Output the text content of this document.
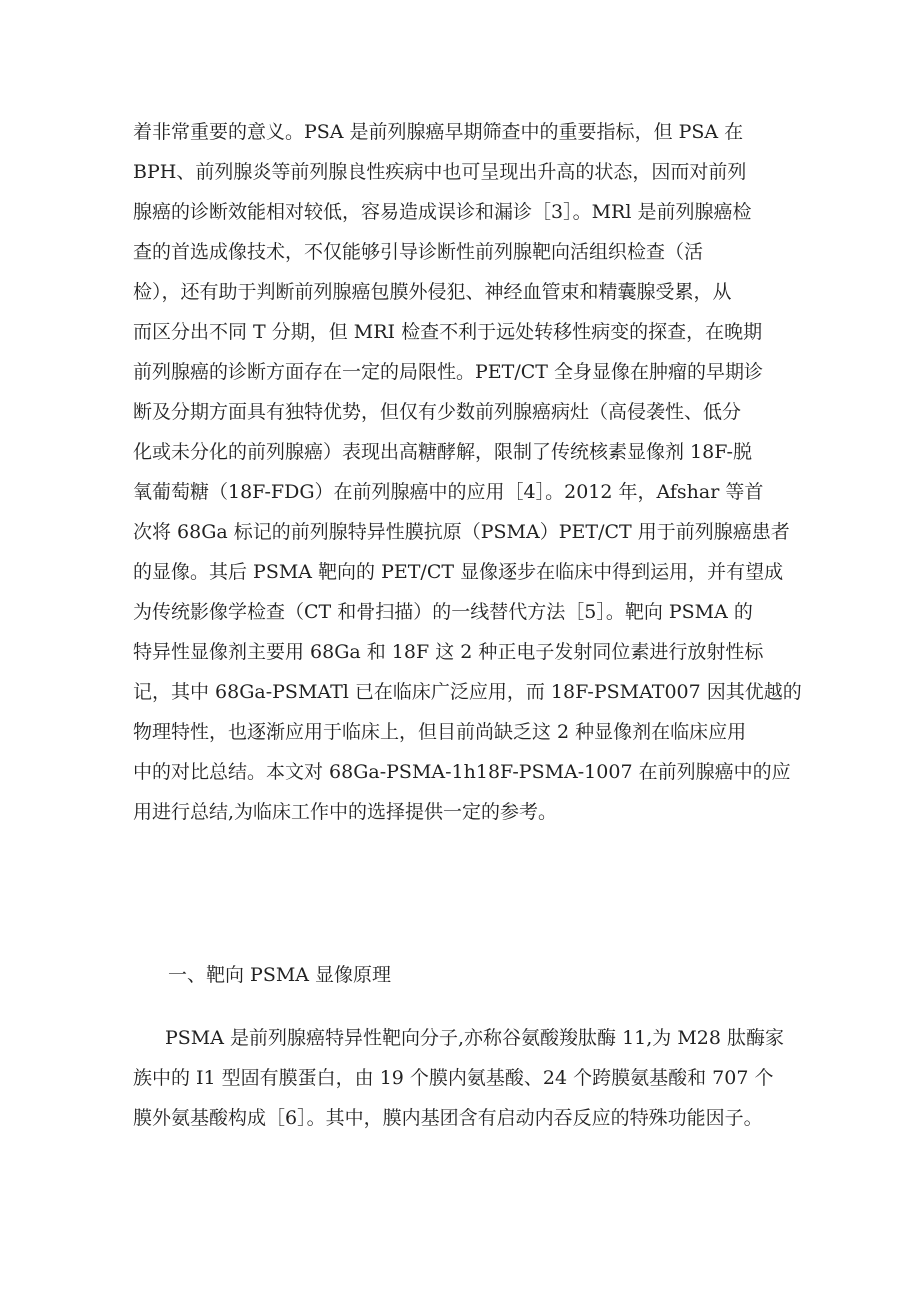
着非常重要的意义。PSA 是前列腺癌早期筛查中的重要指标，但 PSA 在
BPH、前列腺炎等前列腺良性疾病中也可呈现出升高的状态，因而对前列
腺癌的诊断效能相对较低，容易造成误诊和漏诊［3］。MRl 是前列腺癌检
查的首选成像技术，不仅能够引导诊断性前列腺靶向活组织检查（活
检），还有助于判断前列腺癌包膜外侵犯、神经血管束和精囊腺受累，从
而区分出不同 T 分期，但 MRI 检查不利于远处转移性病变的探查，在晚期
前列腺癌的诊断方面存在一定的局限性。PET/CT 全身显像在肿瘤的早期诊
断及分期方面具有独特优势，但仅有少数前列腺癌病灶（高侵袭性、低分
化或未分化的前列腺癌）表现出高糖酵解，限制了传统核素显像剂 18F-脱
氧葡萄糖（18F-FDG）在前列腺癌中的应用［4］。2012 年，Afshar 等首
次将 68Ga 标记的前列腺特异性膜抗原（PSMA）PET/CT 用于前列腺癌患者
的显像。其后 PSMA 靶向的 PET/CT 显像逐步在临床中得到运用，并有望成
为传统影像学检查（CT 和骨扫描）的一线替代方法［5］。靶向 PSMA 的
特异性显像剂主要用 68Ga 和 18F 这 2 种正电子发射同位素进行放射性标
记，其中 68Ga-PSMATl 已在临床广泛应用，而 18F-PSMAT007 因其优越的
物理特性，也逐渐应用于临床上，但目前尚缺乏这 2 种显像剂在临床应用
中的对比总结。本文对 68Ga-PSMA-1h18F-PSMA-1007 在前列腺癌中的应
用进行总结,为临床工作中的选择提供一定的参考。
一、靶向 PSMA 显像原理
PSMA 是前列腺癌特异性靶向分子,亦称谷氨酸羧肽酶 11,为 M28 肽酶家
族中的 I1 型固有膜蛋白，由 19 个膜内氨基酸、24 个跨膜氨基酸和 707 个
膜外氨基酸构成［6］。其中，膜内基团含有启动内吞反应的特殊功能因子。
